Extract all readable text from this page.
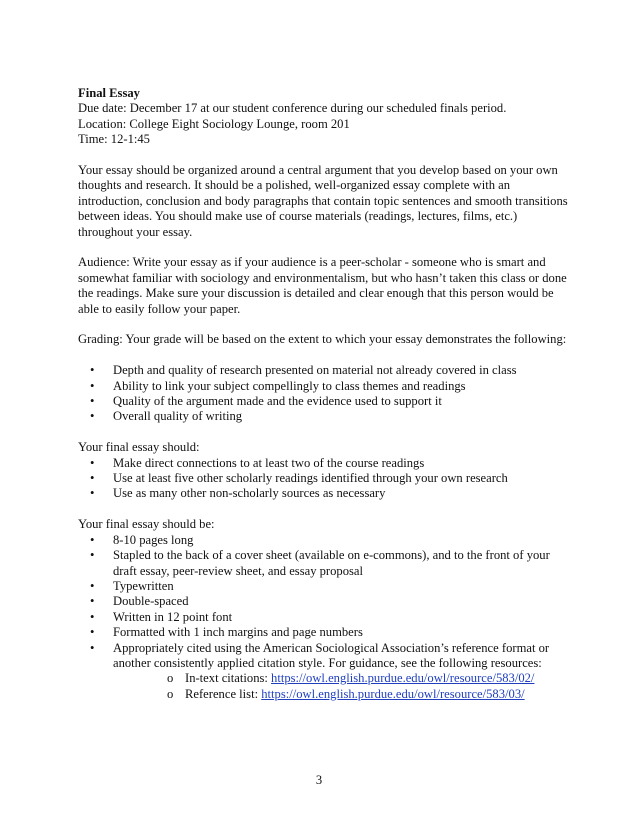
Final Essay
Due date: December 17 at our student conference during our scheduled finals period.
Location: College Eight Sociology Lounge, room 201
Time: 12-1:45
Your essay should be organized around a central argument that you develop based on your own
thoughts and research. It should be a polished, well-organized essay complete with an
introduction, conclusion and body paragraphs that contain topic sentences and smooth transitions
between ideas. You should make use of course materials (readings, lectures, films, etc.)
throughout your essay.
Audience: Write your essay as if your audience is a peer-scholar - someone who is smart and
somewhat familiar with sociology and environmentalism, but who hasn’t taken this class or done
the readings. Make sure your discussion is detailed and clear enough that this person would be
able to easily follow your paper.
Grading: Your grade will be based on the extent to which your essay demonstrates the following:
• Depth and quality of research presented on material not already covered in class
• Ability to link your subject compellingly to class themes and readings
• Quality of the argument made and the evidence used to support it
• Overall quality of writing
Your final essay should:
• Make direct connections to at least two of the course readings
• Use at least five other scholarly readings identified through your own research
• Use as many other non-scholarly sources as necessary
Your final essay should be:
• 8-10 pages long
• Stapled to the back of a cover sheet (available on e-commons), and to the front of your
draft essay, peer-review sheet, and essay proposal
• Typewritten
• Double-spaced
• Written in 12 point font
• Formatted with 1 inch margins and page numbers
• Appropriately cited using the American Sociological Association’s reference format or
another consistently applied citation style. For guidance, see the following resources:
o In-text citations: https://owl.english.purdue.edu/owl/resource/583/02/
o Reference list: https://owl.english.purdue.edu/owl/resource/583/03/
3
